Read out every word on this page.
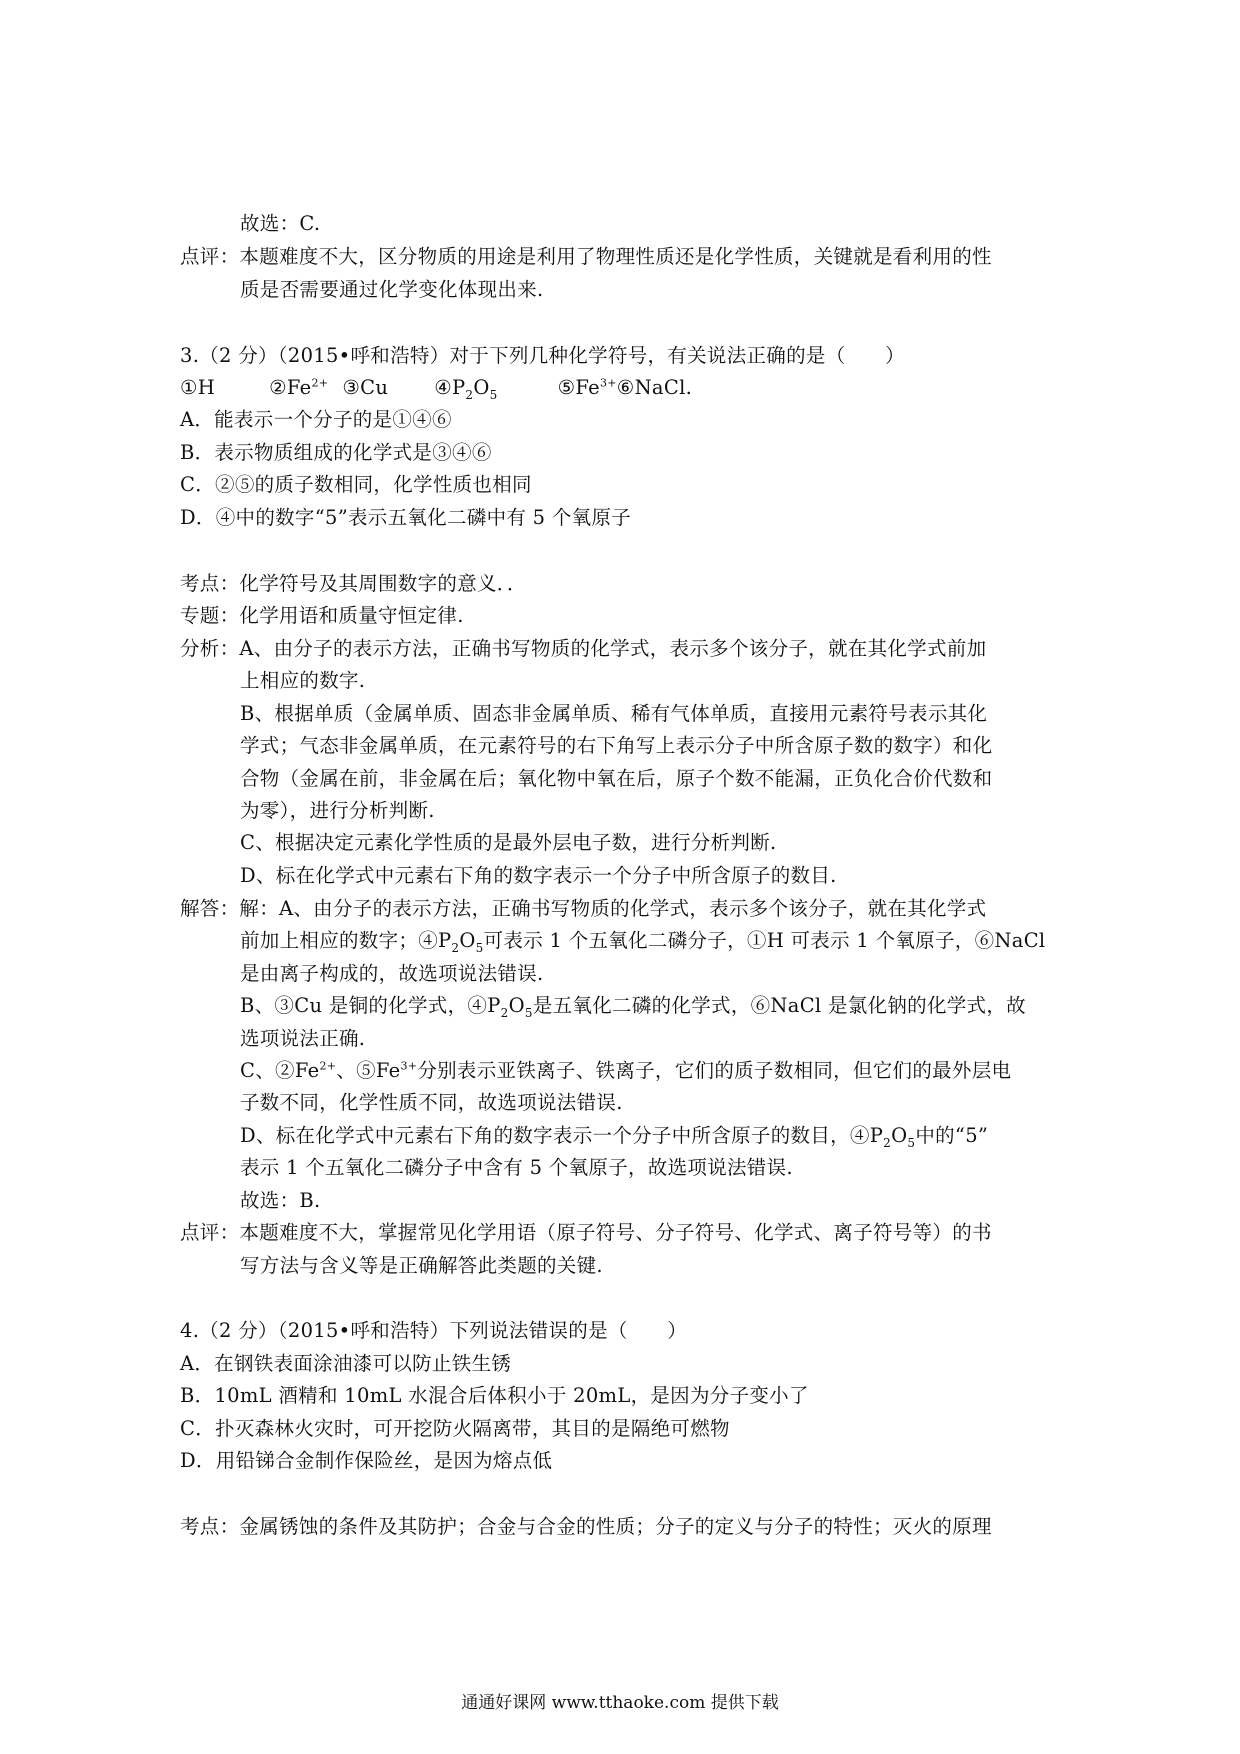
故选：C.
点评：本题难度不大，区分物质的用途是利用了物理性质还是化学性质，关键就是看利用的性
质是否需要通过化学变化体现出来.
3.（2 分）（2015•呼和浩特）对于下列几种化学符号，有关说法正确的是（　　）
①H	$②Fe^{2+}$ ③Cu $④P_2O_5$	$⑤Fe^{3+}⑥NaCl$.
A．能表示一个分子的是①④⑥
B．表示物质组成的化学式是③④⑥
C．②⑤的质子数相同，化学性质也相同
D．④中的数字“5”表示五氧化二磷中有 5 个氧原子
考点：化学符号及其周围数字的意义．．
专题：化学用语和质量守恒定律.
分析：A、由分子的表示方法，正确书写物质的化学式，表示多个该分子，就在其化学式前加
上相应的数字.
B、根据单质（金属单质、固态非金属单质、稀有气体单质，直接用元素符号表示其化
学式；气态非金属单质，在元素符号的右下角写上表示分子中所含原子数的数字）和化
合物（金属在前，非金属在后；氧化物中氧在后，原子个数不能漏，正负化合价代数和
为零），进行分析判断.
C、根据决定元素化学性质的是最外层电子数，进行分析判断.
D、标在化学式中元素右下角的数字表示一个分子中所含原子的数目.
解答：解：A、由分子的表示方法，正确书写物质的化学式，表示多个该分子，就在其化学式
前加上相应的数字；$④P_2O_5$可表示 1 个五氧化二磷分子，①H 可表示 1 个氧原子，⑥NaCl
是由离子构成的，故选项说法错误.
B、③Cu 是铜的化学式，$④P_2O_5$是五氧化二磷的化学式，⑥NaCl 是氯化钠的化学式，故
选项说法正确.
C、$②Fe^{2+}$、$⑤Fe^{3+}$分别表示亚铁离子、铁离子，它们的质子数相同，但它们的最外层电
子数不同，化学性质不同，故选项说法错误.
D、标在化学式中元素右下角的数字表示一个分子中所含原子的数目，$④P_2O_5$中的“5”
表示 1 个五氧化二磷分子中含有 5 个氧原子，故选项说法错误.
故选：B.
点评：本题难度不大，掌握常见化学用语（原子符号、分子符号、化学式、离子符号等）的书
写方法与含义等是正确解答此类题的关键.
4.（2 分）（2015•呼和浩特）下列说法错误的是（　　）
A．在钢铁表面涂油漆可以防止铁生锈
B．10mL 酒精和 10mL 水混合后体积小于 20mL，是因为分子变小了
C．扑灭森林火灾时，可开挖防火隔离带，其目的是隔绝可燃物
D．用铅锑合金制作保险丝，是因为熔点低
考点：金属锈蚀的条件及其防护；合金与合金的性质；分子的定义与分子的特性；灭火的原理
通通好课网 www.tthaoke.com 提供下载
